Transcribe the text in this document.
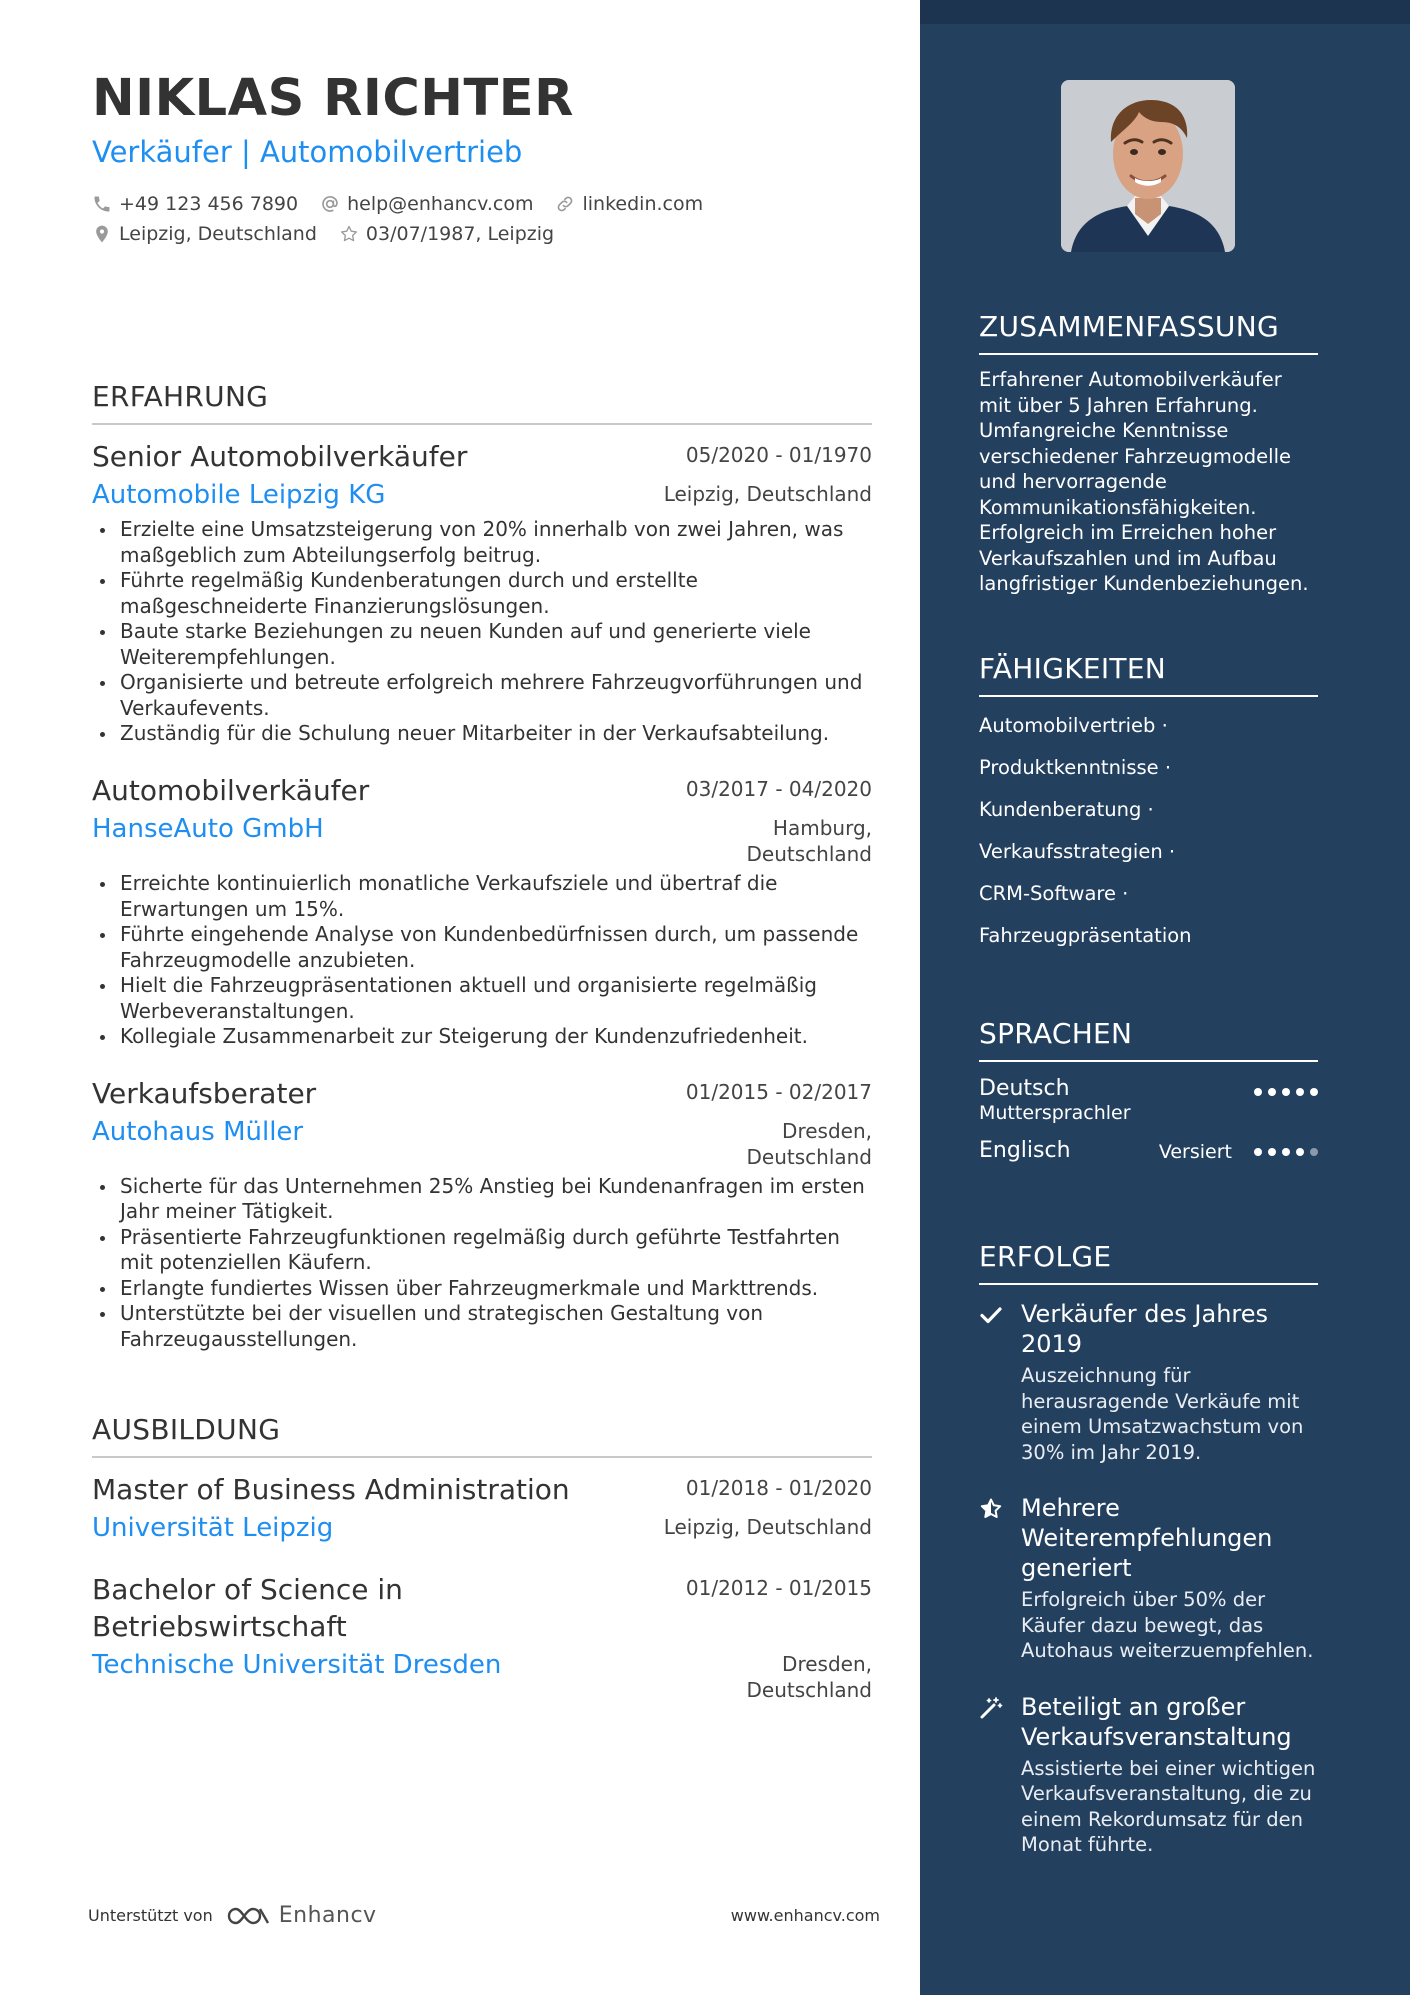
NIKLAS RICHTER
Verkäufer | Automobilvertrieb
+49 123 456 7890	help@enhancv.com	linkedin.com
Leipzig, Deutschland	03/07/1987, Leipzig
ERFAHRUNG
Senior Automobilverkäufer	05/2020 - 01/1970
Automobile Leipzig KG	Leipzig, Deutschland
Erzielte eine Umsatzsteigerung von 20% innerhalb von zwei Jahren, was maßgeblich zum Abteilungserfolg beitrug.
Führte regelmäßig Kundenberatungen durch und erstellte maßgeschneiderte Finanzierungslösungen.
Baute starke Beziehungen zu neuen Kunden auf und generierte viele Weiterempfehlungen.
Organisierte und betreute erfolgreich mehrere Fahrzeugvorführungen und Verkaufevents.
Zuständig für die Schulung neuer Mitarbeiter in der Verkaufsabteilung.
Automobilverkäufer	03/2017 - 04/2020
HanseAuto GmbH	Hamburg, Deutschland
Erreichte kontinuierlich monatliche Verkaufsziele und übertraf die Erwartungen um 15%.
Führte eingehende Analyse von Kundenbedürfnissen durch, um passende Fahrzeugmodelle anzubieten.
Hielt die Fahrzeugpräsentationen aktuell und organisierte regelmäßig Werbeveranstaltungen.
Kollegiale Zusammenarbeit zur Steigerung der Kundenzufriedenheit.
Verkaufsberater	01/2015 - 02/2017
Autohaus Müller	Dresden, Deutschland
Sicherte für das Unternehmen 25% Anstieg bei Kundenanfragen im ersten Jahr meiner Tätigkeit.
Präsentierte Fahrzeugfunktionen regelmäßig durch geführte Testfahrten mit potenziellen Käufern.
Erlangte fundiertes Wissen über Fahrzeugmerkmale und Markttrends.
Unterstützte bei der visuellen und strategischen Gestaltung von Fahrzeugausstellungen.
AUSBILDUNG
Master of Business Administration	01/2018 - 01/2020
Universität Leipzig	Leipzig, Deutschland
Bachelor of Science in Betriebswirtschaft
01/2012 - 01/2015
Technische Universität Dresden	Dresden, Deutschland
Unterstützt von	Enhancv	www.enhancv.com
ZUSAMMENFASSUNG
Erfahrener Automobilverkäufer mit über 5 Jahren Erfahrung. Umfangreiche Kenntnisse verschiedener Fahrzeugmodelle und hervorragende Kommunikationsfähigkeiten. Erfolgreich im Erreichen hoher Verkaufszahlen und im Aufbau langfristiger Kundenbeziehungen.
FÄHIGKEITEN
Automobilvertrieb ·
Produktkenntnisse ·
Kundenberatung ·
Verkaufsstrategien ·
CRM-Software ·
Fahrzeugpräsentation
SPRACHEN
Deutsch
Muttersprachler
Englisch	Versiert
ERFOLGE
Verkäufer des Jahres 2019
Auszeichnung für herausragende Verkäufe mit einem Umsatzwachstum von 30% im Jahr 2019.
Mehrere Weiterempfehlungen generiert
Erfolgreich über 50% der Käufer dazu bewegt, das Autohaus weiterzuempfehlen.
Beteiligt an großer Verkaufsveranstaltung
Assistierte bei einer wichtigen Verkaufsveranstaltung, die zu einem Rekordumsatz für den Monat führte.
